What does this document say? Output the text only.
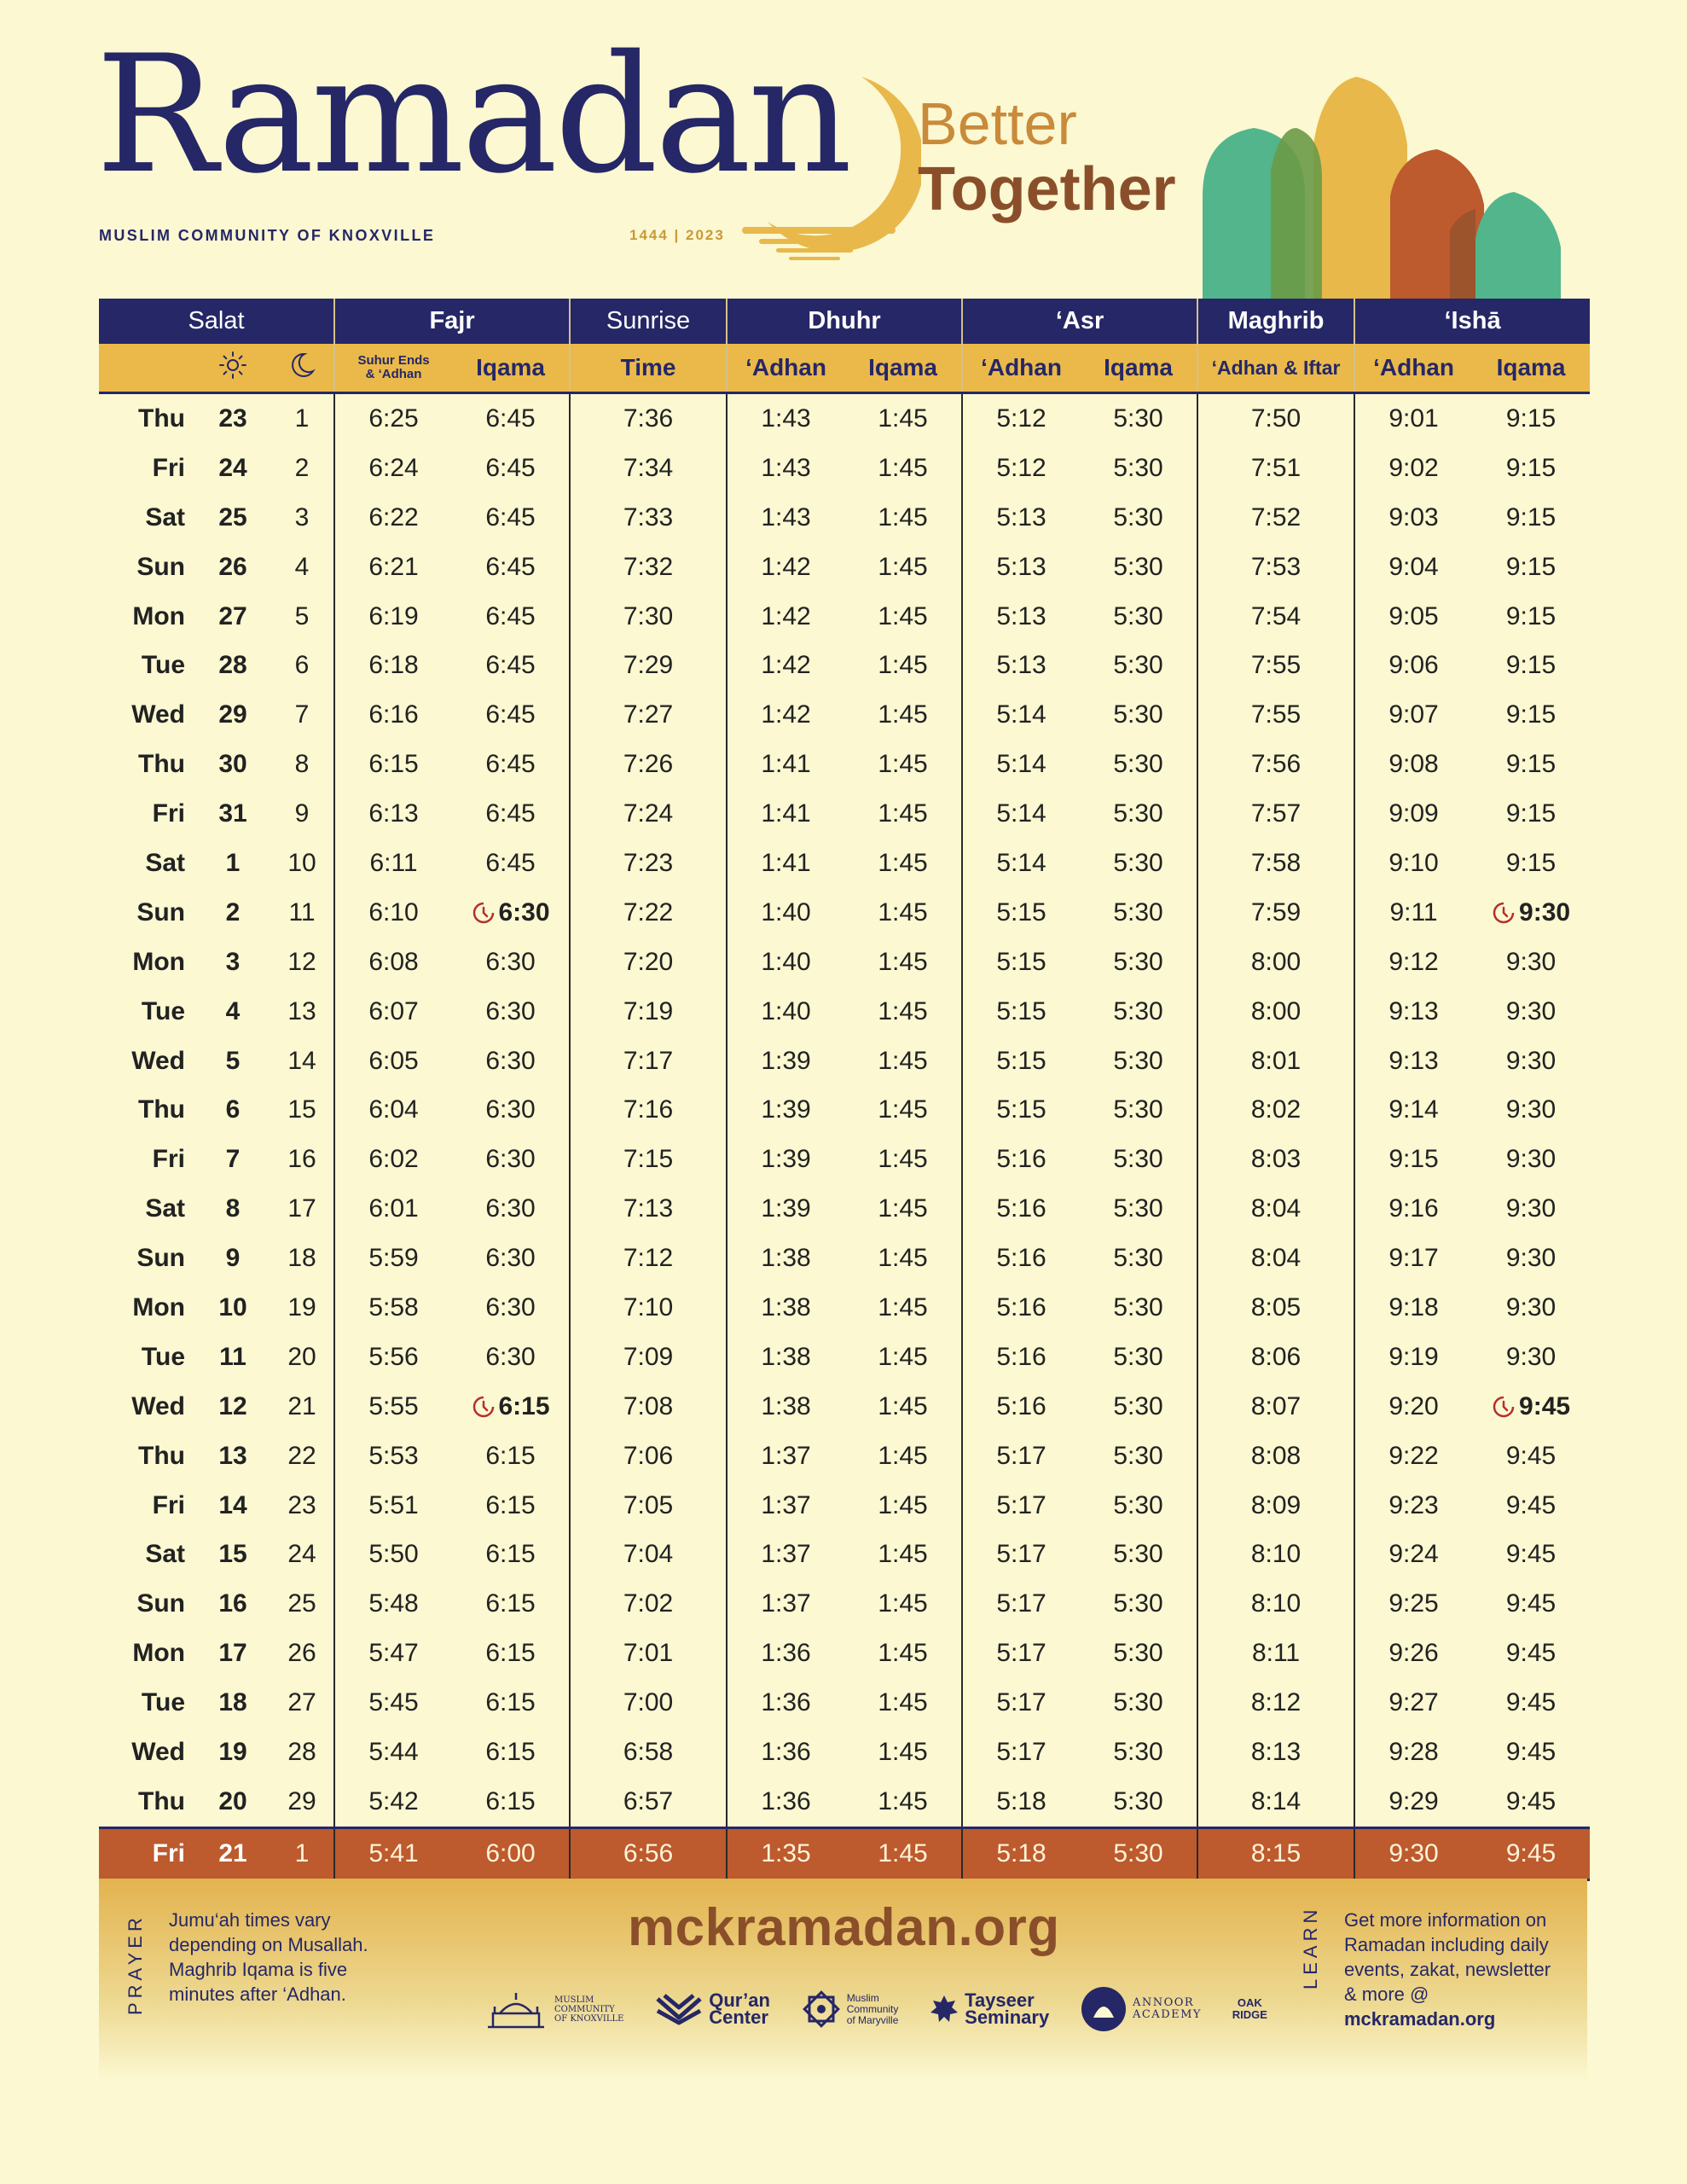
Ramadan
MUSLIM COMMUNITY OF KNOXVILLE	1444 | 2023
Better
Together
Salat			Fajr		Sunrise	Dhuhr		‘Asr		Maghrib	‘Ishā	

Suhur Ends
& ‘Adhan	Iqama	Time	‘Adhan	Iqama	‘Adhan	Iqama	‘Adhan & Iftar	‘Adhan	Iqama
Thu	23	1	6:25	6:45	7:36	1:43	1:45	5:12	5:30	7:50	9:01	9:15
Fri	24	2	6:24	6:45	7:34	1:43	1:45	5:12	5:30	7:51	9:02	9:15
Sat	25	3	6:22	6:45	7:33	1:43	1:45	5:13	5:30	7:52	9:03	9:15
Sun	26	4	6:21	6:45	7:32	1:42	1:45	5:13	5:30	7:53	9:04	9:15
Mon	27	5	6:19	6:45	7:30	1:42	1:45	5:13	5:30	7:54	9:05	9:15
Tue	28	6	6:18	6:45	7:29	1:42	1:45	5:13	5:30	7:55	9:06	9:15
Wed	29	7	6:16	6:45	7:27	1:42	1:45	5:14	5:30	7:55	9:07	9:15
Thu	30	8	6:15	6:45	7:26	1:41	1:45	5:14	5:30	7:56	9:08	9:15
Fri	31	9	6:13	6:45	7:24	1:41	1:45	5:14	5:30	7:57	9:09	9:15
Sat	1	10	6:11	6:45	7:23	1:41	1:45	5:14	5:30	7:58	9:10	9:15
Sun	2	11	6:10	6:30	7:22	1:40	1:45	5:15	5:30	7:59	9:11	9:30
Mon	3	12	6:08	6:30	7:20	1:40	1:45	5:15	5:30	8:00	9:12	9:30
Tue	4	13	6:07	6:30	7:19	1:40	1:45	5:15	5:30	8:00	9:13	9:30
Wed	5	14	6:05	6:30	7:17	1:39	1:45	5:15	5:30	8:01	9:13	9:30
Thu	6	15	6:04	6:30	7:16	1:39	1:45	5:15	5:30	8:02	9:14	9:30
Fri	7	16	6:02	6:30	7:15	1:39	1:45	5:16	5:30	8:03	9:15	9:30
Sat	8	17	6:01	6:30	7:13	1:39	1:45	5:16	5:30	8:04	9:16	9:30
Sun	9	18	5:59	6:30	7:12	1:38	1:45	5:16	5:30	8:04	9:17	9:30
Mon	10	19	5:58	6:30	7:10	1:38	1:45	5:16	5:30	8:05	9:18	9:30
Tue	11	20	5:56	6:30	7:09	1:38	1:45	5:16	5:30	8:06	9:19	9:30
Wed	12	21	5:55	6:15	7:08	1:38	1:45	5:16	5:30	8:07	9:20	9:45
Thu	13	22	5:53	6:15	7:06	1:37	1:45	5:17	5:30	8:08	9:22	9:45
Fri	14	23	5:51	6:15	7:05	1:37	1:45	5:17	5:30	8:09	9:23	9:45
Sat	15	24	5:50	6:15	7:04	1:37	1:45	5:17	5:30	8:10	9:24	9:45
Sun	16	25	5:48	6:15	7:02	1:37	1:45	5:17	5:30	8:10	9:25	9:45
Mon	17	26	5:47	6:15	7:01	1:36	1:45	5:17	5:30	8:11	9:26	9:45
Tue	18	27	5:45	6:15	7:00	1:36	1:45	5:17	5:30	8:12	9:27	9:45
Wed	19	28	5:44	6:15	6:58	1:36	1:45	5:17	5:30	8:13	9:28	9:45
Thu	20	29	5:42	6:15	6:57	1:36	1:45	5:18	5:30	8:14	9:29	9:45
Fri	21	1	5:41	6:00	6:56	1:35	1:45	5:18	5:30	8:15	9:30	9:45
PRAYER Jumu‘ah times vary depending on Musallah. Maghrib Iqama is five minutes after ‘Adhan.
mckramadan.org
MUSLIM
COMMUNITY
OF KNOXVILLE
Qur’an
Center
Muslim
Community
of Maryville
Tayseer
Seminary
ANNOOR
ACADEMY
OAK
RIDGE
LEARN Get more information on Ramadan including daily events, zakat, newsletter & more @ mckramadan.org
